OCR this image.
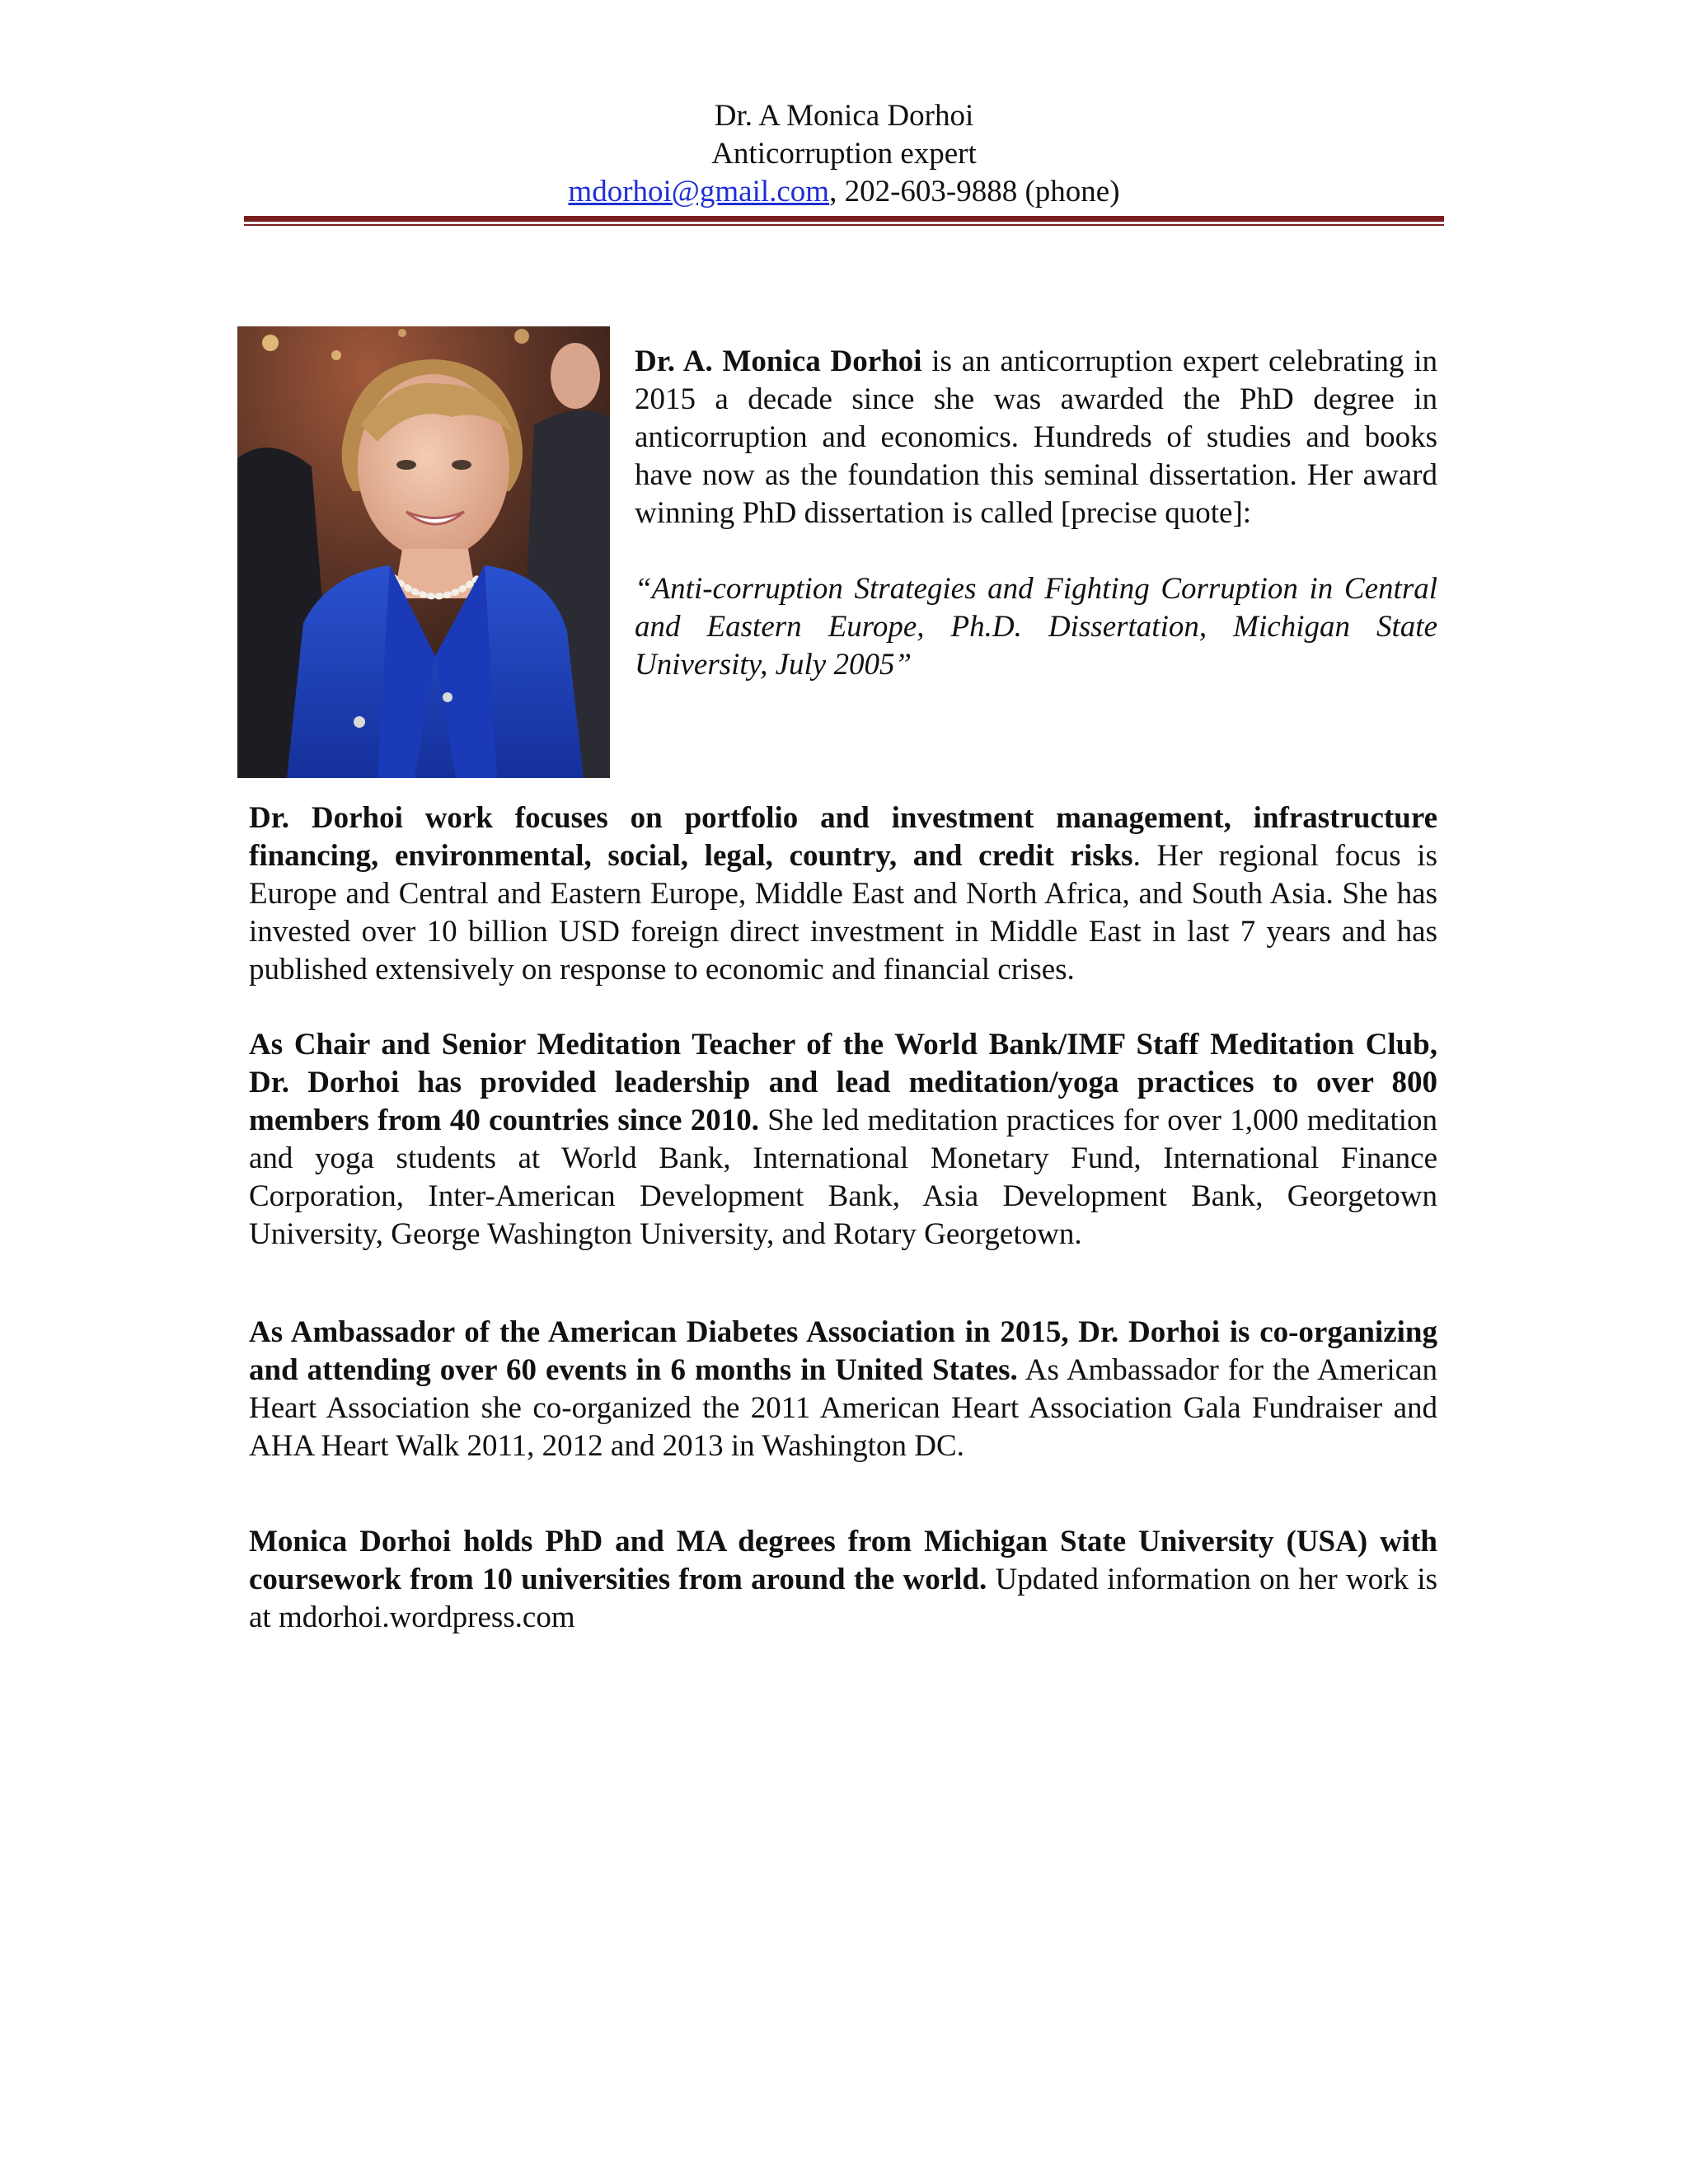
Dr. A Monica Dorhoi
Anticorruption expert
mdorhoi@gmail.com, 202-603-9888 (phone)

Dr. A. Monica Dorhoi is an anticorruption expert celebrating in 2015 a decade since she was awarded the PhD degree in anticorruption and economics. Hundreds of studies and books have now as the foundation this seminal dissertation. Her award winning PhD dissertation is called [precise quote]:

“Anti-corruption Strategies and Fighting Corruption in Central and Eastern Europe, Ph.D. Dissertation, Michigan State University, July 2005”

Dr. Dorhoi work focuses on portfolio and investment management, infrastructure financing, environmental, social, legal, country, and credit risks. Her regional focus is Europe and Central and Eastern Europe, Middle East and North Africa, and South Asia. She has invested over 10 billion USD foreign direct investment in Middle East in last 7 years and has published extensively on response to economic and financial crises.

As Chair and Senior Meditation Teacher of the World Bank/IMF Staff Meditation Club, Dr. Dorhoi has provided leadership and lead meditation/yoga practices to over 800 members from 40 countries since 2010. She led meditation practices for over 1,000 meditation and yoga students at World Bank, International Monetary Fund, International Finance Corporation, Inter-American Development Bank, Asia Development Bank, Georgetown University, George Washington University, and Rotary Georgetown.

As Ambassador of the American Diabetes Association in 2015, Dr. Dorhoi is co-organizing and attending over 60 events in 6 months in United States. As Ambassador for the American Heart Association she co-organized the 2011 American Heart Association Gala Fundraiser and AHA Heart Walk 2011, 2012 and 2013 in Washington DC.

Monica Dorhoi holds PhD and MA degrees from Michigan State University (USA) with coursework from 10 universities from around the world. Updated information on her work is at mdorhoi.wordpress.com
